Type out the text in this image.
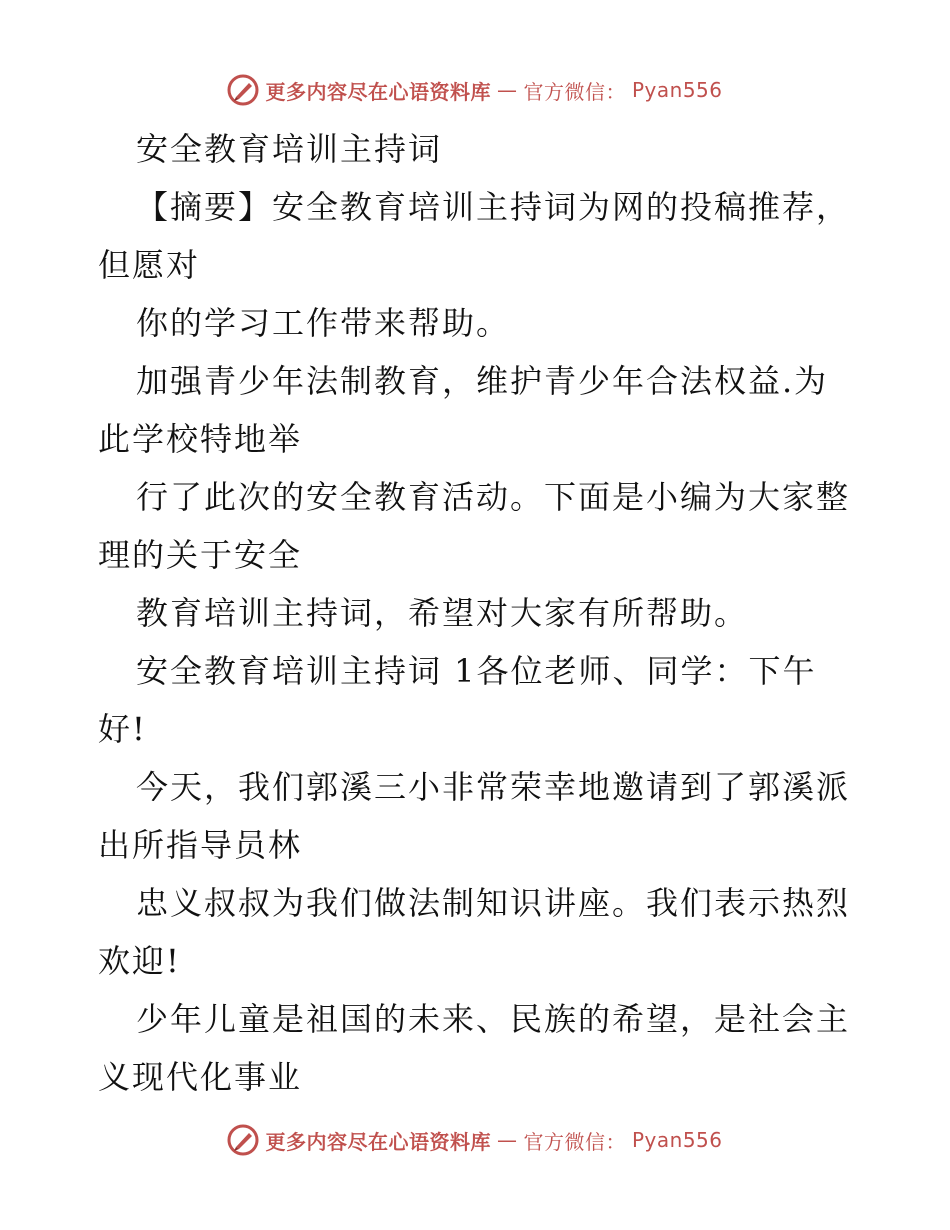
更多内容尽在心语资料库 — 官方微信： Pyan556

安全教育培训主持词

【摘要】安全教育培训主持词为网的投稿推荐，

但愿对

你的学习工作带来帮助。

加强青少年法制教育，维护青少年合法权益.为

此学校特地举

行了此次的安全教育活动。下面是小编为大家整

理的关于安全

教育培训主持词，希望对大家有所帮助。

安全教育培训主持词 1各位老师、同学：下午

好!

今天，我们郭溪三小非常荣幸地邀请到了郭溪派

出所指导员林

忠义叔叔为我们做法制知识讲座。我们表示热烈

欢迎!

少年儿童是祖国的未来、民族的希望，是社会主

义现代化事业

更多内容尽在心语资料库 — 官方微信： Pyan556
